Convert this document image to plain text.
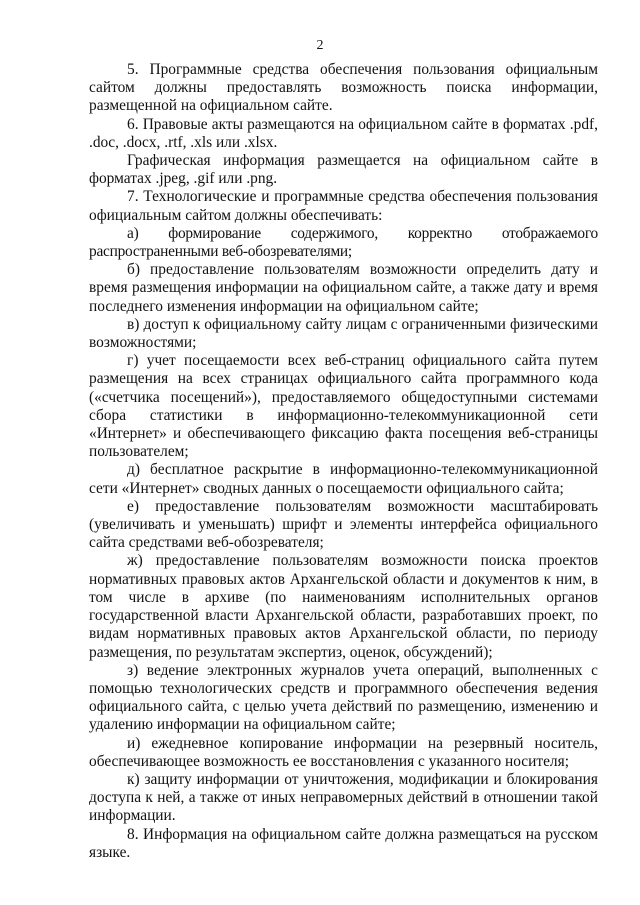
2

5. Программные средства обеспечения пользования официальным сайтом должны предоставлять возможность поиска информации, размещенной на официальном сайте.

6. Правовые акты размещаются на официальном сайте в форматах .pdf, .doc, .docx, .rtf, .xls или .xlsx.

Графическая информация размещается на официальном сайте в форматах .jpeg, .gif или .png.

7. Технологические и программные средства обеспечения пользования официальным сайтом должны обеспечивать:

а) формирование содержимого, корректно отображаемого распространенными веб-обозревателями;

б) предоставление пользователям возможности определить дату и время размещения информации на официальном сайте, а также дату и время последнего изменения информации на официальном сайте;

в) доступ к официальному сайту лицам с ограниченными физическими возможностями;

г) учет посещаемости всех веб-страниц официального сайта путем размещения на всех страницах официального сайта программного кода («счетчика посещений»), предоставляемого общедоступными системами сбора статистики в информационно-телекоммуникационной сети «Интернет» и обеспечивающего фиксацию факта посещения веб-страницы пользователем;

д) бесплатное раскрытие в информационно-телекоммуникационной сети «Интернет» сводных данных о посещаемости официального сайта;

е) предоставление пользователям возможности масштабировать (увеличивать и уменьшать) шрифт и элементы интерфейса официального сайта средствами веб-обозревателя;

ж) предоставление пользователям возможности поиска проектов нормативных правовых актов Архангельской области и документов к ним, в том числе в архиве (по наименованиям исполнительных органов государственной власти Архангельской области, разработавших проект, по видам нормативных правовых актов Архангельской области, по периоду размещения, по результатам экспертиз, оценок, обсуждений);

з) ведение электронных журналов учета операций, выполненных с помощью технологических средств и программного обеспечения ведения официального сайта, с целью учета действий по размещению, изменению и удалению информации на официальном сайте;

и) ежедневное копирование информации на резервный носитель, обеспечивающее возможность ее восстановления с указанного носителя;

к) защиту информации от уничтожения, модификации и блокирования доступа к ней, а также от иных неправомерных действий в отношении такой информации.

8. Информация на официальном сайте должна размещаться на русском языке.
